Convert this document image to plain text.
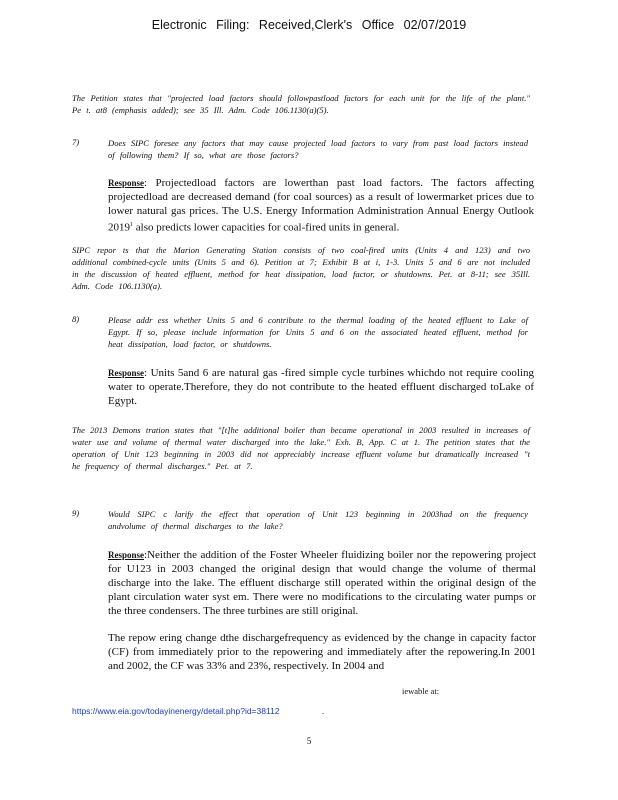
Electronic Filing: Received,Clerk's Office 02/07/2019

The Petition states that "projected load factors should followpastload factors for each unit for the life of the plant." Pe t. at8 (emphasis added); see 35 Ill. Adm. Code 106.1130(a)(5).

7)	Does SIPC foresee any factors that may cause projected load factors to vary from past load factors instead of following them? If so, what are those factors?

Response: Projectedload factors are lowerthan past load factors. The factors affecting projectedload are decreased demand (for coal sources) as a result of lowermarket prices due to lower natural gas prices. The U.S. Energy Information Administration Annual Energy Outlook 2019$^1$ also predicts lower capacities for coal-fired units in general.

SIPC repor ts that the Marion Generating Station consists of two coal-fired units (Units 4 and 123) and two additional combined-cycle units (Units 5 and 6). Petition at 7; Exhibit B at i, 1-3. Units 5 and 6 are not included in the discussion of heated effluent, method for heat dissipation, load factor, or shutdowns. Pet. at 8-11; see 35Ill. Adm. Code 106.1130(a).

8)	Please addr ess whether Units 5 and 6 contribute to the thermal loading of the heated effluent to Lake of Egypt. If so, please include information for Units 5 and 6 on the associated heated effluent, method for heat dissipation, load factor, or shutdowns.

Response: Units 5and 6 are natural gas -fired simple cycle turbines whichdo not require cooling water to operate.Therefore, they do not contribute to the heated effluent discharged toLake of Egypt.

The 2013 Demons tration states that "[t]he additional boiler than became operational in 2003 resulted in increases of water use and volume of thermal water discharged into the lake." Exh. B, App. C at 1. The petition states that the operation of Unit 123 beginning in 2003 did not appreciably increase effluent volume but dramatically increased "t he frequency of thermal discharges." Pet. at 7.

9)	Would SIPC c larify the effect that operation of Unit 123 beginning in 2003had on the frequency andvolume of thermal discharges to the lake?

Response:Neither the addition of the Foster Wheeler fluidizing boiler nor the repowering project for U123 in 2003 changed the original design that would change the volume of thermal discharge into the lake. The effluent discharge still operated within the original design of the plant circulation water syst em. There were no modifications to the circulating water pumps or the three condensers. The three turbines are still original.

The repow ering change dthe dischargefrequency as evidenced by the change in capacity factor (CF) from immediately prior to the repowering and immediately after the repowering.In 2001 and 2002, the CF was 33% and 23%, respectively. In 2004 and

iewable at:
https://www.eia.gov/todayinenergy/detail.php?id=38112	.
5
